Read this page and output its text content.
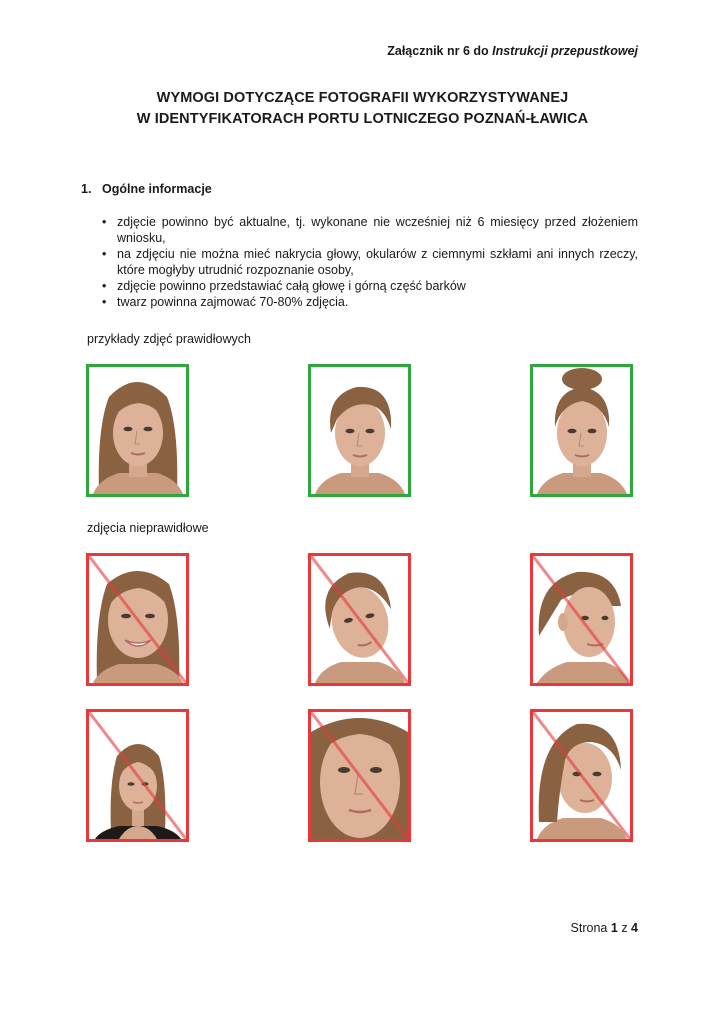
Załącznik nr 6 do Instrukcji przepustkowej
WYMOGI DOTYCZĄCE FOTOGRAFII WYKORZYSTYWANEJ
W IDENTYFIKATORACH PORTU LOTNICZEGO POZNAŃ-ŁAWICA
1. Ogólne informacje
• zdjęcie powinno być aktualne, tj. wykonane nie wcześniej niż 6 miesięcy przed złożeniem wniosku,
• na zdjęciu nie można mieć nakrycia głowy, okularów z ciemnymi szkłami ani innych rzeczy, które mogłyby utrudnić rozpoznanie osoby,
• zdjęcie powinno przedstawiać całą głowę i górną część barków
• twarz powinna zajmować 70-80% zdjęcia.
przykłady zdjęć prawidłowych
zdjęcia nieprawidłowe
Strona 1 z 4
